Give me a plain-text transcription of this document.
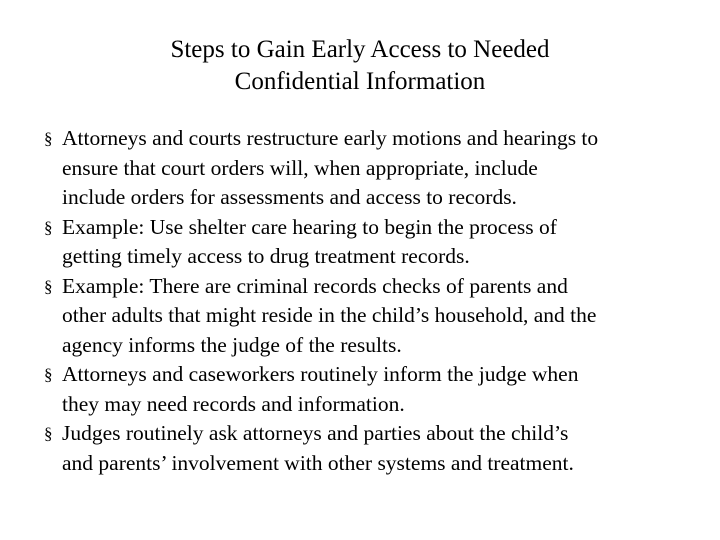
Steps to Gain Early Access to Needed
Confidential Information
§ Attorneys and courts restructure early motions and hearings to
ensure that court orders will, when appropriate, include
include orders for assessments and access to records.
§ Example: Use shelter care hearing to begin the process of
getting timely access to drug treatment records.
§ Example: There are criminal records checks of parents and
other adults that might reside in the child’s household, and the
agency informs the judge of the results.
§ Attorneys and caseworkers routinely inform the judge when
they may need records and information.
§ Judges routinely ask attorneys and parties about the child’s
and parents’ involvement with other systems and treatment.
